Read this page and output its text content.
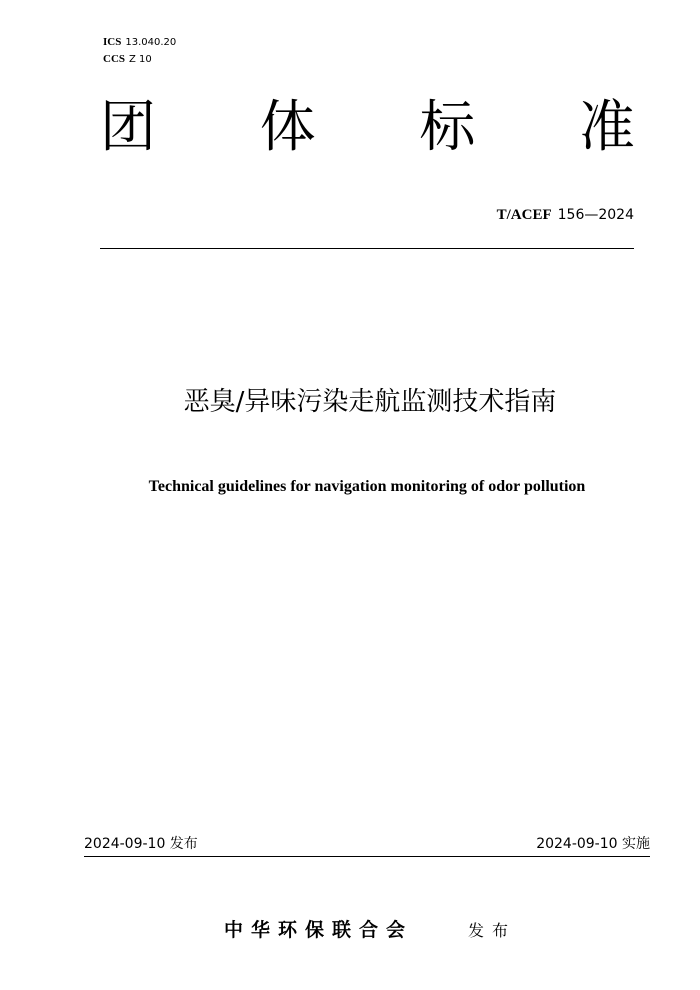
ICS 13.040.20
CCS Z 10
团 体 标 准
T/ACEF 156—2024
恶臭/异味污染走航监测技术指南
Technical guidelines for navigation monitoring of odor pollution
2024-09-10 发布	2024-09-10 实施
中华环保联合会	发布
